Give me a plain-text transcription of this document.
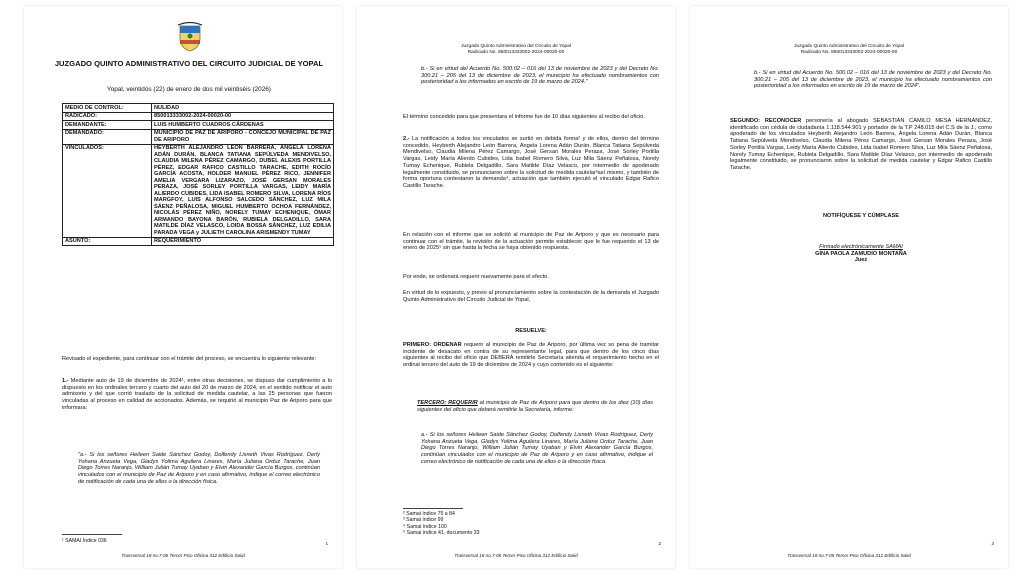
JUZGADO QUINTO ADMINISTRATIVO DEL CIRCUITO JUDICIAL DE YOPAL
Yopal, veintidós (22) de enero de dos mil veintiséis (2026)
MEDIO DE CONTROL:	NULIDAD
RADICADO:	850013333002-2024-00020-00
DEMANDANTE:	LUIS HUMBERTO CUADROS CÁRDENAS
DEMANDADO:	MUNICIPIO DE PAZ DE ARIPORO - CONCEJO MUNICIPAL DE PAZ DE ARIPORO
VINCULADOS:	HEYBERTH ALEJANDRO LEÓN BARRERA, ÁNGELA LORENA ADÁN DURÁN, BLANCA TATIANA SEPÚLVEDA MENDIVELSO, CLAUDIA MILENA PÉREZ CAMARGO, DUBEL ALEXIS PORTILLA PÉREZ, EDGAR RAFICO CASTILLO TARACHE, EDITH ROCÍO GARCÍA ACOSTA, HOLDER MANUEL PÉREZ RICO, JENNIFER AMELIA VERGARA LIZARAZO, JOSÉ GERSAN MORALES PERAZA, JOSÉ SORLEY PORTILLA VARGAS, LEIDY MARÍA ALIERDO CUBIDES, LIDA ISABEL ROMERO SILVA, LORENA RÍOS MARGFOY, LUIS ALFONSO SALCEDO SÁNCHEZ, LUZ MILA SÁENZ PEÑALOSA, MIGUEL HUMBERTO OCHOA FERNÁNDEZ, NICOLÁS PÉREZ NIÑO, NORELY TUMAY ECHENIQUE, ÓMAR ARMANDO BAYONA BARÓN, RUBIELA DELGADILLO, SARA MATILDE DÍAZ VELASCO, LOIDA BOSSA SÁNCHEZ, LUZ EDILIA PARADA VEGA y JULIETH CAROLINA ARISMENDY TUMAY
ASUNTO:	REQUERIMIENTO
Revisado el expediente, para continuar con el trámite del proceso, se encuentra lo siguiente relevante:
1.- Mediante auto de 19 de diciembre de 2024¹, entre otras decisiones, se dispuso dar cumplimiento a lo dispuesto en los ordinales tercero y cuarto del auto del 20 de marzo de 2024, en el sentido notificar el auto admisorio y del que corrió traslado de la solicitud de medida cautelar, a las 25 personas que fueron vinculadas al proceso en calidad de accionados. Además, se requirió al municipio Paz de Ariporo para que informara:
"a.- Si los señores Heileen Saide Sánchez Godoy, Dolfendy Lisneth Vivas Rodríguez, Derly Yohana Anzueta Vega, Gladys Yolima Aguilera Linares, María Juliana Orduz Tarache, Juan Diego Torres Naranjo, William Julián Tumay Uyaban y Elvin Alexander García Burgos, continúan vinculados con el municipio de Paz de Ariporo y en caso afirmativo, indique el correo electrónico de notificación de cada una de ellos o la dirección física.
¹ SAMAI Índice 036	1
Transversal 18 no.7-05 Tercer Piso Oficina 312 Edificio Saiid
Juzgado Quinto Administrativo del Circuito de Yopal
Radicado No. 850013333002-2024-00020-00
b.- Si en virtud del Acuerdo No. 500.02 – 016 del 13 de noviembre de 2023 y del Decreto No. 300.21 – 205 del 13 de diciembre de 2023, el municipio ha efectuado nombramientos con posterioridad a los informados en escrito de 19 de marzo de 2024."
El término concedido para que presentara el informe fue de 10 días siguientes al recibo del oficio.
2.- La notificación a todos los vinculados se surtió en debida forma² y de ellos, dentro del término concedido, Heyberth Alejandro León Barrera, Ángela Lorena Adán Durán, Blanca Tatiana Sepúlveda Mendivelso, Claudia Milena Pérez Camargo, José Gersan Morales Peraza, José Sorley Portilla Vargas, Leidy María Alierdo Cubides, Lida Isabel Romero Silva, Luz Mila Sáenz Peñalosa, Norely Tumay Echenique, Rubiela Delgadillo, Sara Matilde Díaz Velasco, por intermedio de apoderado legalmente constituido, se pronunciaron sobre la solicitud de medida cautelar³así mismo, y también de forma oportuna contestaron la demanda⁴, actuación que también ejecutó el vinculado Edgar Rafico Castillo Tarache.
En relación con el informe que se solicitó al municipio de Paz de Ariporo y que es necesario para continuar con el trámite, la revisión de la actuación permite establecer que le fue requerido el 13 de enero de 2025⁵ sin que hasta la fecha se haya obtenido respuesta.
Por ende, se ordenará requerir nuevamente para el efecto.
En virtud de lo expuesto, y previo al pronunciamiento sobre la contestación de la demanda el Juzgado Quinto Administrativo del Circuito Judicial de Yopal,
RESUELVE:
PRIMERO: ORDENAR requerir al municipio de Paz de Ariporo, por última vez so pena de tramitar incidente de desacato en contra de su representante legal, para que dentro de los cinco días siguientes al recibo del oficio que DEBERÁ remitirle Secretaría atienda el requerimiento hecho en el ordinal tercero del auto de 19 de diciembre de 2024 y cuyo contenido es el siguiente:
TERCERO: REQUERIR al municipio de Paz de Ariporo para que dentro de los diez (10) días siguientes del oficio que deberá remitirle la Secretaría, informe:
a.- Si los señores Heileen Saide Sánchez Godoy, Dolfendy Lisneth Vivas Rodríguez, Derly Yohana Anzueta Vega, Gladys Yolima Aguilera Linares, María Juliana Orduz Tarache, Juan Diego Torres Naranjo, William Julián Tumay Uyaban y Elvin Alexander García Burgos, continúan vinculados con el municipio de Paz de Ariporo y en caso afirmativo, indique el correo electrónico de notificación de cada una de ellos o la dirección física.
² Samai índice 75 a 84
³ Samai índice 99
⁴ Samai índice 100
⁵ Samai índice 41, documento 33
2
Transversal 18 no.7-05 Tercer Piso Oficina 312 Edificio Saiid
Juzgado Quinto Administrativo del Circuito de Yopal
Radicado No. 850013333002-2024-00020-00
b.- Si en virtud del Acuerdo No. 500.02 – 016 del 13 de noviembre de 2023 y del Decreto No. 300.21 – 205 del 13 de diciembre de 2023, el municipio ha efectuado nombramientos con posterioridad a los informados en escrito de 19 de marzo de 2024".
SEGUNDO: RECONOCER personería al abogado SEBASTIÁN CAMILO MESA HERNÁNDEZ, identificado con cédula de ciudadanía 1.118.544.901 y portador de la T.P 248.015 del C.S de la J., como apoderado de los vinculados Heyberth Alejandro León Barrera, Ángela Lorena Adán Durán, Blanca Tatiana Sepúlveda Mendivelso, Claudia Milena Pérez Camargo, José Gersan Morales Peraza, José Sorley Portilla Vargas, Leidy María Alierdo Cubides, Lida Isabel Romero Silva, Luz Mila Sáenz Peñalosa, Norely Tumay Echenique, Rubiela Delgadillo, Sara Matilde Díaz Velasco, por intermedio de apoderado legalmente constituido, se pronunciaron sobre la solicitud de medida cautelar y Edgar Rafico Castillo Tarache.
NOTIFÍQUESE Y CÚMPLASE
Firmado electrónicamente SAMAI
GINA PAOLA ZAMUDIO MONTAÑA
Juez
3
Transversal 18 no.7-05 Tercer Piso Oficina 312 Edificio Saiid
